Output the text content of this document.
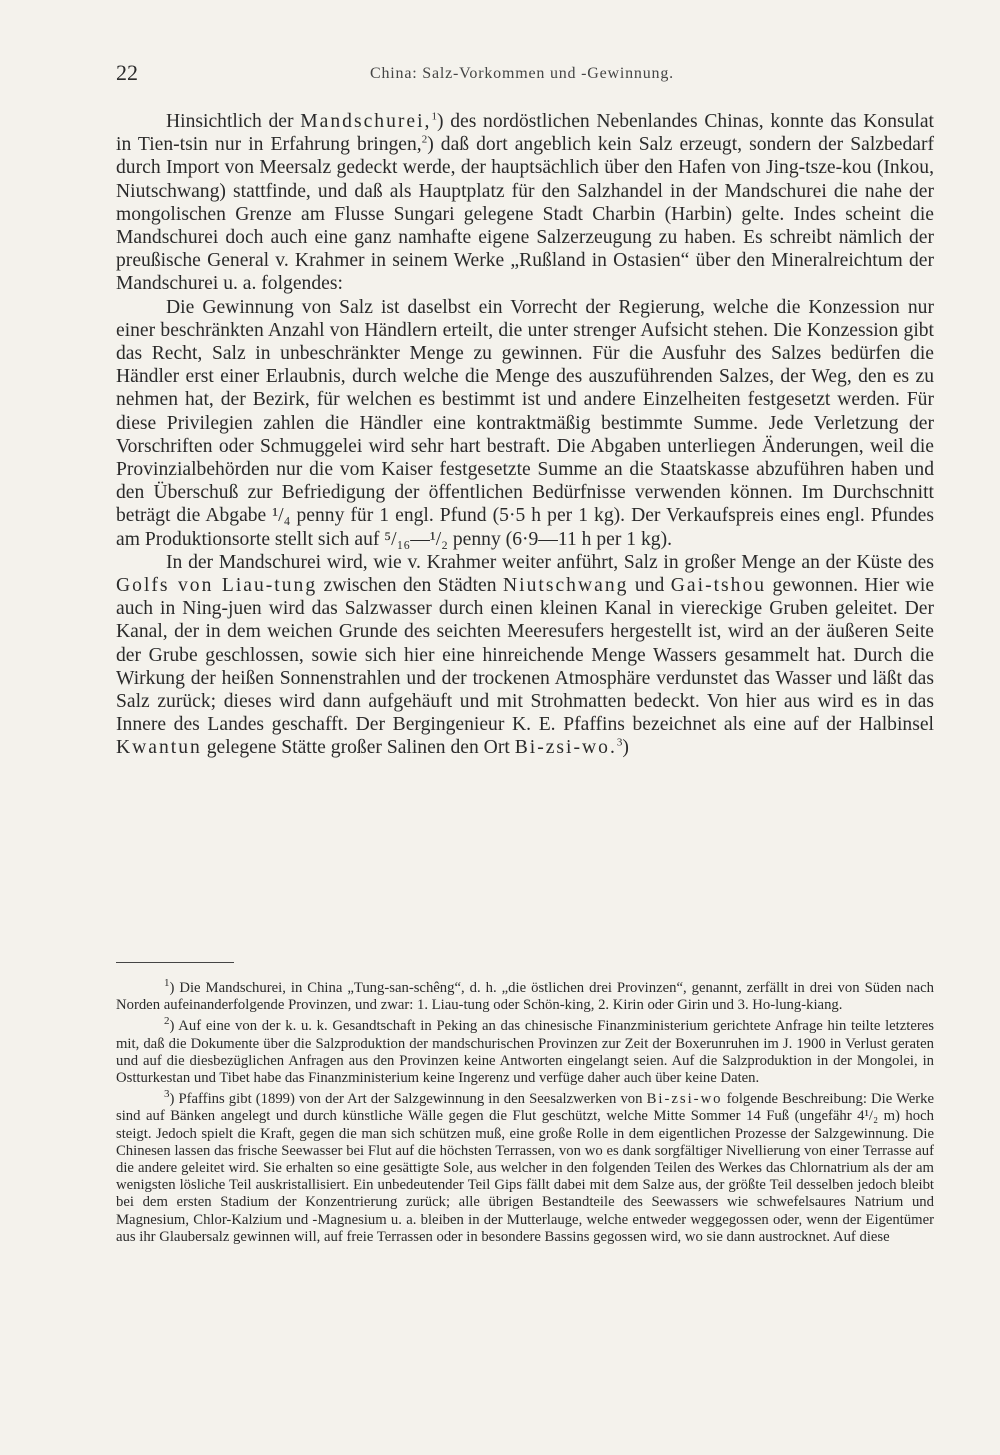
22	China: Salz-Vorkommen und -Gewinnung.

Hinsichtlich der Mandschurei,$^1$) des nordöstlichen Nebenlandes Chinas, konnte das Konsulat in Tien-tsin nur in Erfahrung bringen,$^2$) daß dort angeblich kein Salz erzeugt, sondern der Salzbedarf durch Import von Meersalz gedeckt werde, der hauptsächlich über den Hafen von Jing-tsze-kou (Inkou, Niutschwang) stattfinde, und daß als Hauptplatz für den Salzhandel in der Mandschurei die nahe der mongolischen Grenze am Flusse Sungari gelegene Stadt Charbin (Harbin) gelte. Indes scheint die Mandschurei doch auch eine ganz namhafte eigene Salzerzeugung zu haben. Es schreibt nämlich der preußische General v. Krahmer in seinem Werke „Rußland in Ostasien“ über den Mineralreichtum der Mandschurei u. a. folgendes:

Die Gewinnung von Salz ist daselbst ein Vorrecht der Regierung, welche die Konzession nur einer beschränkten Anzahl von Händlern erteilt, die unter strenger Aufsicht stehen. Die Konzession gibt das Recht, Salz in unbeschränkter Menge zu gewinnen. Für die Ausfuhr des Salzes bedürfen die Händler erst einer Erlaubnis, durch welche die Menge des auszuführenden Salzes, der Weg, den es zu nehmen hat, der Bezirk, für welchen es bestimmt ist und andere Einzelheiten festgesetzt werden. Für diese Privilegien zahlen die Händler eine kontraktmäßig bestimmte Summe. Jede Verletzung der Vorschriften oder Schmuggelei wird sehr hart bestraft. Die Abgaben unterliegen Änderungen, weil die Provinzialbehörden nur die vom Kaiser festgesetzte Summe an die Staatskasse abzuführen haben und den Überschuß zur Befriedigung der öffentlichen Bedürfnisse verwenden können. Im Durchschnitt beträgt die Abgabe ¹/₄ penny für 1 engl. Pfund (5·5 h per 1 kg). Der Verkaufspreis eines engl. Pfundes am Produktionsorte stellt sich auf ⁵/₁₆—¹/₂ penny (6·9—11 h per 1 kg).

In der Mandschurei wird, wie v. Krahmer weiter anführt, Salz in großer Menge an der Küste des Golfs von Liau-tung zwischen den Städten Niutschwang und Gai-tshou gewonnen. Hier wie auch in Ning-juen wird das Salzwasser durch einen kleinen Kanal in viereckige Gruben geleitet. Der Kanal, der in dem weichen Grunde des seichten Meeresufers hergestellt ist, wird an der äußeren Seite der Grube geschlossen, sowie sich hier eine hinreichende Menge Wassers gesammelt hat. Durch die Wirkung der heißen Sonnenstrahlen und der trockenen Atmosphäre verdunstet das Wasser und läßt das Salz zurück; dieses wird dann aufgehäuft und mit Strohmatten bedeckt. Von hier aus wird es in das Innere des Landes geschafft. Der Bergingenieur K. E. Pfaffins bezeichnet als eine auf der Halbinsel Kwantun gelegene Stätte großer Salinen den Ort Bi-zsi-wo.$^3$)

$^1$) Die Mandschurei, in China „Tung-san-schêng“, d. h. „die östlichen drei Provinzen“, genannt, zerfällt in drei von Süden nach Norden aufeinanderfolgende Provinzen, und zwar: 1. Liau-tung oder Schön-king, 2. Kirin oder Girin und 3. Ho-lung-kiang.

$^2$) Auf eine von der k. u. k. Gesandtschaft in Peking an das chinesische Finanzministerium gerichtete Anfrage hin teilte letzteres mit, daß die Dokumente über die Salzproduktion der mandschurischen Provinzen zur Zeit der Boxerunruhen im J. 1900 in Verlust geraten und auf die diesbezüglichen Anfragen aus den Provinzen keine Antworten eingelangt seien. Auf die Salzproduktion in der Mongolei, in Ostturkestan und Tibet habe das Finanzministerium keine Ingerenz und verfüge daher auch über keine Daten.

$^3$) Pfaffins gibt (1899) von der Art der Salzgewinnung in den Seesalzwerken von Bi-zsi-wo folgende Beschreibung: Die Werke sind auf Bänken angelegt und durch künstliche Wälle gegen die Flut geschützt, welche Mitte Sommer 14 Fuß (ungefähr 4¹/₂ m) hoch steigt. Jedoch spielt die Kraft, gegen die man sich schützen muß, eine große Rolle in dem eigentlichen Prozesse der Salzgewinnung. Die Chinesen lassen das frische Seewasser bei Flut auf die höchsten Terrassen, von wo es dank sorgfältiger Nivellierung von einer Terrasse auf die andere geleitet wird. Sie erhalten so eine gesättigte Sole, aus welcher in den folgenden Teilen des Werkes das Chlornatrium als der am wenigsten lösliche Teil auskristallisiert. Ein unbedeutender Teil Gips fällt dabei mit dem Salze aus, der größte Teil desselben jedoch bleibt bei dem ersten Stadium der Konzentrierung zurück; alle übrigen Bestandteile des Seewassers wie schwefelsaures Natrium und Magnesium, Chlor-Kalzium und -Magnesium u. a. bleiben in der Mutterlauge, welche entweder weggegossen oder, wenn der Eigentümer aus ihr Glaubersalz gewinnen will, auf freie Terrassen oder in besondere Bassins gegossen wird, wo sie dann austrocknet. Auf diese
